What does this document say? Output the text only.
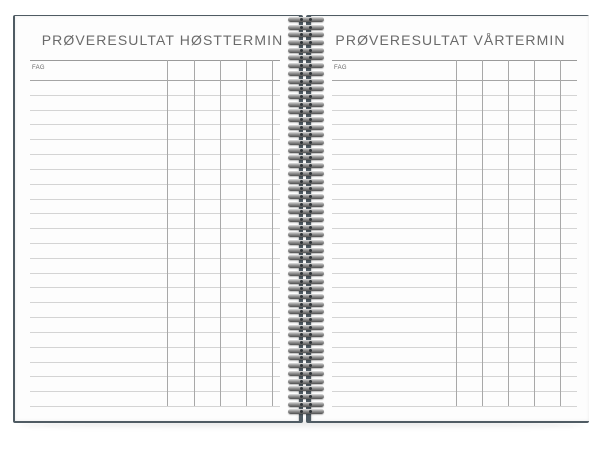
PRØVERESULTAT HØSTTERMIN
FAG
PRØVERESULTAT VÅRTERMIN
FAG
